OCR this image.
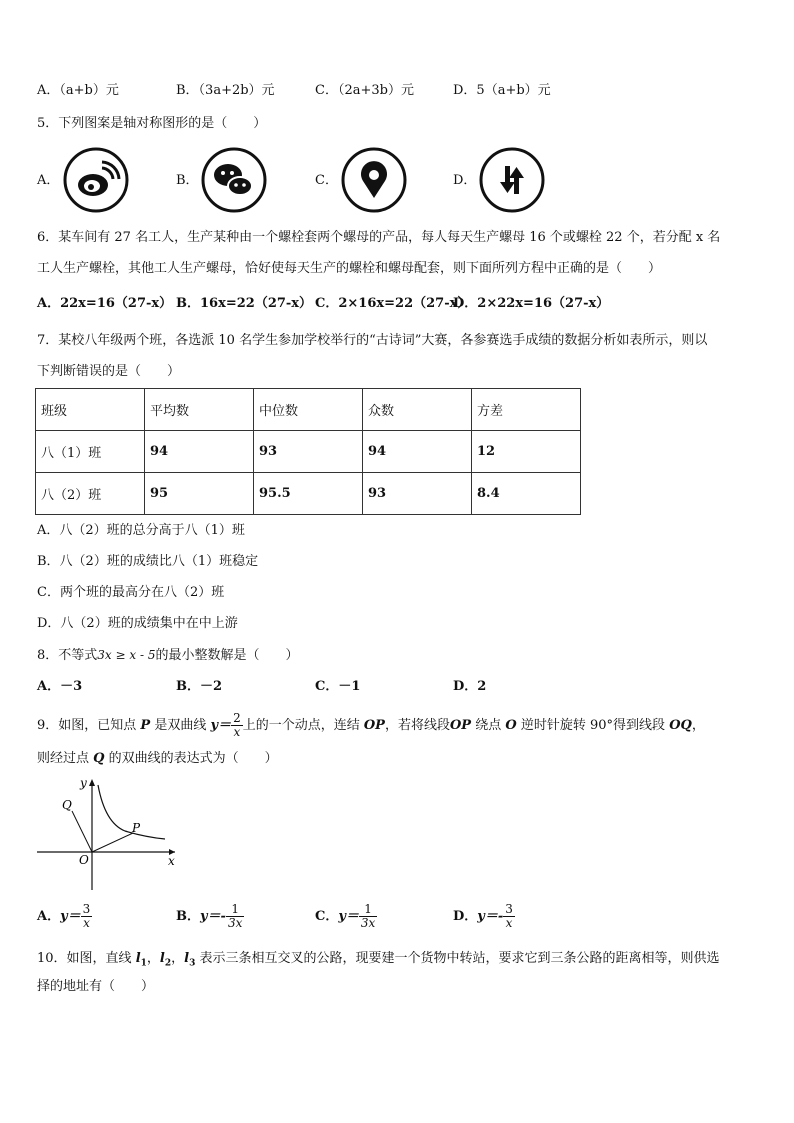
A．（a+b）元	B．（3a+2b）元	C．（2a+3b）元	D．5（a+b）元
5．下列图案是轴对称图形的是（　　）
A．	B．	C．	D．
6．某车间有 27 名工人，生产某种由一个螺栓套两个螺母的产品，每人每天生产螺母 16 个或螺栓 22 个，若分配 x 名
工人生产螺栓，其他工人生产螺母，恰好使每天生产的螺栓和螺母配套，则下面所列方程中正确的是（　　）
A．22x=16（27-x） B．16x=22（27-x） C．2×16x=22（27-x）
D．2×22x=16（27-x）
7．某校八年级两个班，各选派 10 名学生参加学校举行的“古诗词”大赛，各参赛选手成绩的数据分析如表所示，则以
下判断错误的是（　　）
班级	平均数	中位数	众数	方差
八（1）班	94	93	94	12
八（2）班	95	95.5	93	8.4
A．八（2）班的总分高于八（1）班
B．八（2）班的成绩比八（1）班稳定
C．两个班的最高分在八（2）班
D．八（2）班的成绩集中在中上游
8．不等式3x ≥ x - 5的最小整数解是（　　）
A．－3	B．－2	C．－1	D．2
9．如图，已知点 P 是双曲线 $y= \frac{2}{x}$ 上的一个动点，连结 OP，若将线段OP 绕点 O 逆时针旋转 90°得到线段 OQ，
则经过点 Q 的双曲线的表达式为（　　）
y
x
O
P
Q
A．$y= \frac{3}{x}$	B．$y=- \frac{1}{3x}$	C．$y= \frac{1}{3x}$	D．$y=- \frac{3}{x}$
10．如图，直线 $l_1$，$l_2$，$l_3$ 表示三条相互交叉的公路，现要建一个货物中转站，要求它到三条公路的距离相等，则供选
择的地址有（　　）
